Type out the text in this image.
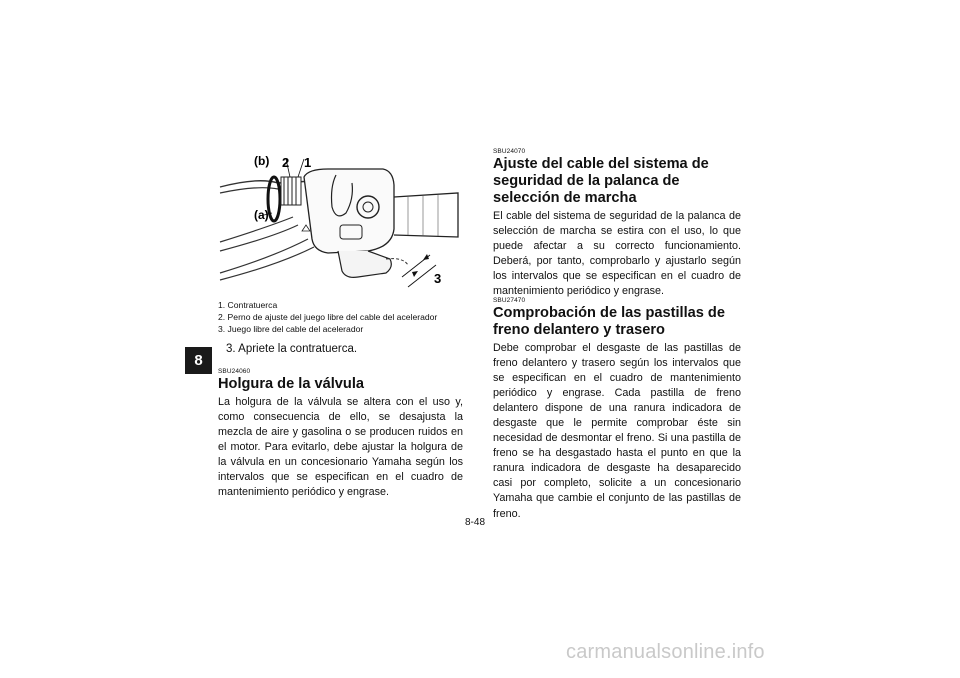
8
(b) 2 1
(a)
3
1. Contratuerca
2. Perno de ajuste del juego libre del cable del acelerador
3. Juego libre del cable del acelerador
3. Apriete la contratuerca.
SBU24060
Holgura de la válvula

La holgura de la válvula se altera con el uso y, como consecuencia de ello, se desajusta la mezcla de aire y gasolina o se producen ruidos en el motor. Para evitarlo, debe ajustar la holgura de la válvula en un concesionario Yamaha según los intervalos que se especifican en el cuadro de mantenimiento periódico y engrase.

SBU24070
Ajuste del cable del sistema de seguridad de la palanca de selección de marcha

El cable del sistema de seguridad de la palanca de selección de marcha se estira con el uso, lo que puede afectar a su correcto funcionamiento. Deberá, por tanto, comprobarlo y ajustarlo según los intervalos que se especifican en el cuadro de mantenimiento periódico y engrase.

SBU27470
Comprobación de las pastillas de freno delantero y trasero

Debe comprobar el desgaste de las pastillas de freno delantero y trasero según los intervalos que se especifican en el cuadro de mantenimiento periódico y engrase. Cada pastilla de freno delantero dispone de una ranura indicadora de desgaste que le permite comprobar éste sin necesidad de desmontar el freno. Si una pastilla de freno se ha desgastado hasta el punto en que la ranura indicadora de desgaste ha desaparecido casi por completo, solicite a un concesionario Yamaha que cambie el conjunto de las pastillas de freno.

8-48
carmanualsonline.info
